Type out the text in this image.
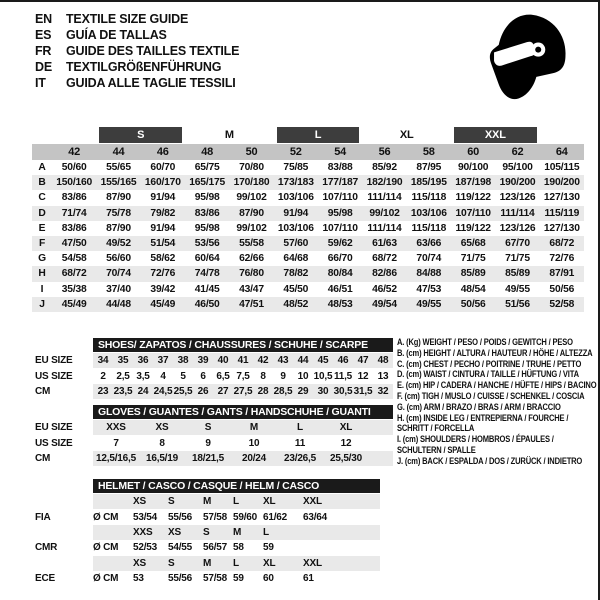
EN	TEXTILE SIZE GUIDE
ES	GUÍA DE TALLAS
FR	GUIDE DES TAILLES TEXTILE
DE	TEXTILGRÖßENFÜHRUNG
IT	GUIDA ALLE TAGLIE TESSILI
S	M	L	XL	XXL
42	44	46	48	50	52	54	56	58	60	62	64
A	50/60	55/65	60/70	65/75	70/80	75/85	83/88	85/92	87/95	90/100	95/100	105/115
B	150/160 155/165 160/170 165/175 170/180 173/183 177/187 182/190 185/195 187/198 190/200 190/200
C	83/86	87/90	91/94	95/98	99/102	103/106 107/110 111/114 115/118 119/122 123/126 127/130
D	71/74	75/78	79/82	83/86	87/90	91/94	95/98	99/102	103/106 107/110 111/114 115/119
E	83/86	87/90	91/94	95/98	99/102	103/106 107/110 111/114 115/118 119/122 123/126 127/130
F	47/50	49/52	51/54	53/56	55/58	57/60	59/62	61/63	63/66	65/68	67/70	68/72
G	54/58	56/60	58/62	60/64	62/66	64/68	66/70	68/72	70/74	71/75	71/75	72/76
H	68/72	70/74	72/76	74/78	76/80	78/82	80/84	82/86	84/88	85/89	85/89	87/91
I	35/38	37/40	39/42	41/45	43/47	45/50	46/51	46/52	47/53	48/54	49/55	50/56
J	45/49	44/48	45/49	46/50	47/51	48/52	48/53	49/54	49/55	50/56	51/56	52/58
SHOES/ ZAPATOS / CHAUSSURES / SCHUHE / SCARPE
EU SIZE	34 35 36 37 38 39 40 41 42 43 44 45 46 47 48
US SIZE	2	2,5 3,5	4	5	6	6,5 7,5	8	9	10 10,5 11,5 12 13
CM	23 23,5 24 24,5 25,5 26 27 27,5 28 28,5 29 30 30,5 31,5 32
GLOVES / GUANTES / GANTS / HANDSCHUHE / GUANTI
EU SIZE	XXS	XS	S	M	L	XL
US SIZE	7	8	9	10	11	12
CM	12,5/16,5	16,5/19	18/21,5	20/24	23/26,5	25,5/30
HELMET / CASCO / CASQUE / HELM / CASCO
XS	S	M	L	XL	XXL
FIA	Ø CM	53/54	55/56	57/58 59/60 61/62	63/64
XXS	XS	S	M	L
CMR	Ø CM	52/53	54/55	56/57 58	59
XS	S	M	L	XL	XXL
ECE	Ø CM	53	55/56	57/58 59	60	61
A. (Kg) WEIGHT / PESO / POIDS / GEWITCH / PESO
B. (cm) HEIGHT / ALTURA / HAUTEUR / HÖHE / ALTEZZA
C. (cm) CHEST / PECHO / POITRINE / TRUHE / PETTO
D. (cm) WAIST / CINTURA / TAILLE / HÜFTUNG / VITA
E. (cm) HIP / CADERA / HANCHE / HÜFTE / HIPS / BACINO
F. (cm) TIGH / MUSLO / CUISSE / SCHENKEL / COSCIA
G. (cm) ARM / BRAZO / BRAS / ARM / BRACCIO
H. (cm) INSIDE LEG / ENTREPIERNA / FOURCHE / SCHRITT / FORCELLA
I. (cm) SHOULDERS / HOMBROS / ÉPAULES / SCHULTERN / SPALLE
J. (cm) BACK / ESPALDA / DOS / ZURÜCK / INDIETRO
